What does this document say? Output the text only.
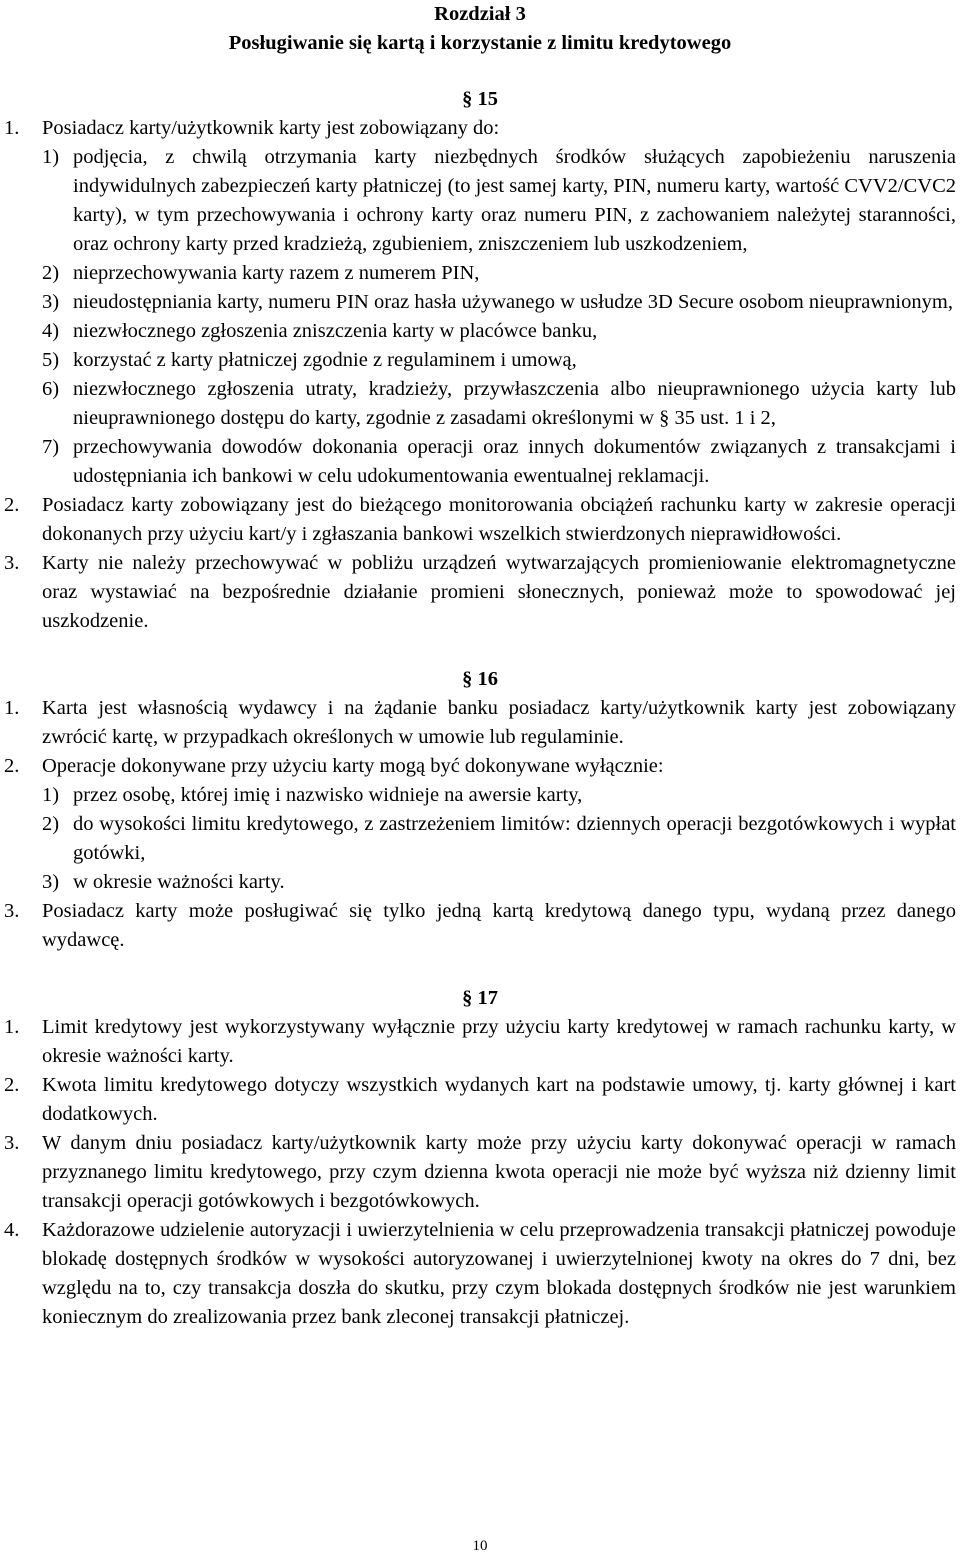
Rozdział 3
Posługiwanie się kartą i korzystanie z limitu kredytowego
§ 15
1. Posiadacz karty/użytkownik karty jest zobowiązany do:
1) podjęcia, z chwilą otrzymania karty niezbędnych środków służących zapobieżeniu naruszenia indywidulnych zabezpieczeń karty płatniczej (to jest samej karty, PIN, numeru karty, wartość CVV2/CVC2 karty), w tym przechowywania i ochrony karty oraz numeru PIN, z zachowaniem należytej staranności, oraz ochrony karty przed kradzieżą, zgubieniem, zniszczeniem lub uszkodzeniem,
2) nieprzechowywania karty razem z numerem PIN,
3) nieudostępniania karty, numeru PIN oraz hasła używanego w usłudze 3D Secure osobom nieuprawnionym,
4) niezwłocznego zgłoszenia zniszczenia karty w placówce banku,
5) korzystać z karty płatniczej zgodnie z regulaminem i umową,
6) niezwłocznego zgłoszenia utraty, kradzieży, przywłaszczenia albo nieuprawnionego użycia karty lub nieuprawnionego dostępu do karty, zgodnie z zasadami określonymi w § 35 ust. 1 i 2,
7) przechowywania dowodów dokonania operacji oraz innych dokumentów związanych z transakcjami i udostępniania ich bankowi w celu udokumentowania ewentualnej reklamacji.
2. Posiadacz karty zobowiązany jest do bieżącego monitorowania obciążeń rachunku karty w zakresie operacji dokonanych przy użyciu kart/y i zgłaszania bankowi wszelkich stwierdzonych nieprawidłowości.
3. Karty nie należy przechowywać w pobliżu urządzeń wytwarzających promieniowanie elektromagnetyczne oraz wystawiać na bezpośrednie działanie promieni słonecznych, ponieważ może to spowodować jej uszkodzenie.
§ 16
1. Karta jest własnością wydawcy i na żądanie banku posiadacz karty/użytkownik karty jest zobowiązany zwrócić kartę, w przypadkach określonych w umowie lub regulaminie.
2. Operacje dokonywane przy użyciu karty mogą być dokonywane wyłącznie:
1) przez osobę, której imię i nazwisko widnieje na awersie karty,
2) do wysokości limitu kredytowego, z zastrzeżeniem limitów: dziennych operacji bezgotówkowych i wypłat gotówki,
3) w okresie ważności karty.
3. Posiadacz karty może posługiwać się tylko jedną kartą kredytową danego typu, wydaną przez danego wydawcę.
§ 17
1. Limit kredytowy jest wykorzystywany wyłącznie przy użyciu karty kredytowej w ramach rachunku karty, w okresie ważności karty.
2. Kwota limitu kredytowego dotyczy wszystkich wydanych kart na podstawie umowy, tj. karty głównej i kart dodatkowych.
3. W danym dniu posiadacz karty/użytkownik karty może przy użyciu karty dokonywać operacji w ramach przyznanego limitu kredytowego, przy czym dzienna kwota operacji nie może być wyższa niż dzienny limit transakcji operacji gotówkowych i bezgotówkowych.
4. Każdorazowe udzielenie autoryzacji i uwierzytelnienia w celu przeprowadzenia transakcji płatniczej powoduje blokadę dostępnych środków w wysokości autoryzowanej i uwierzytelnionej kwoty na okres do 7 dni, bez względu na to, czy transakcja doszła do skutku, przy czym blokada dostępnych środków nie jest warunkiem koniecznym do zrealizowania przez bank zleconej transakcji płatniczej.
10
